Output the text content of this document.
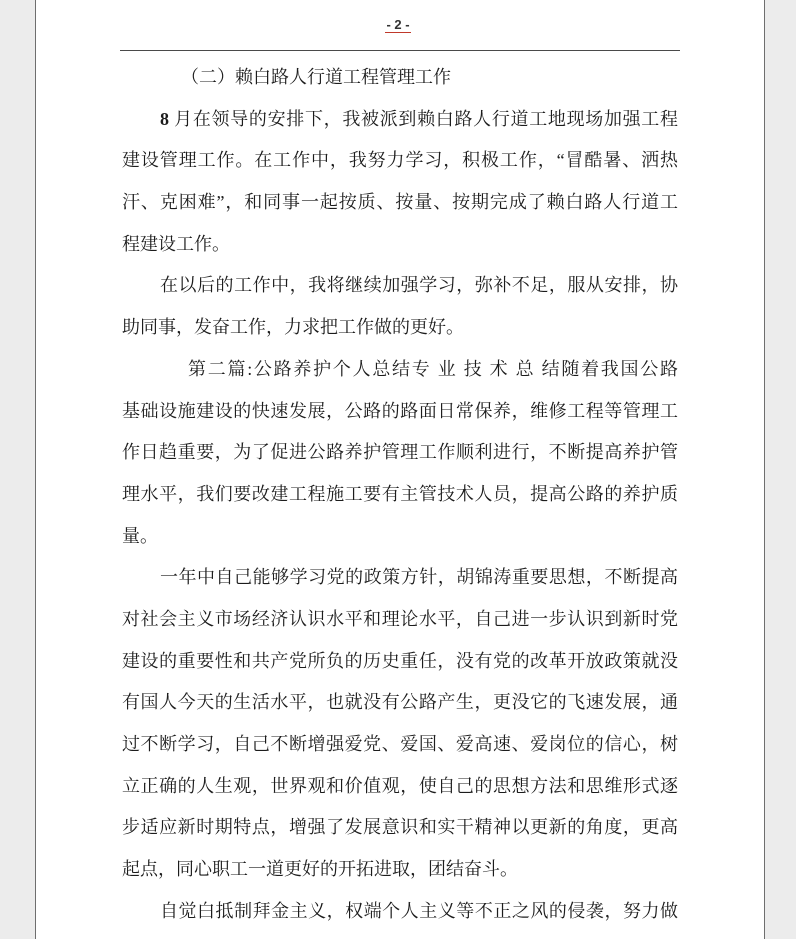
- 2 -
（二）赖白路人行道工程管理工作
8 月在领导的安排下，我被派到赖白路人行道工地现场加强工程
建设管理工作。在工作中，我努力学习，积极工作，“冒酷暑、洒热
汗、克困难”，和同事一起按质、按量、按期完成了赖白路人行道工
程建设工作。
在以后的工作中，我将继续加强学习，弥补不足，服从安排，协
助同事，发奋工作，力求把工作做的更好。
第二篇:公路养护个人总结专 业 技 术 总 结随着我国公路
基础设施建设的快速发展，公路的路面日常保养，维修工程等管理工
作日趋重要，为了促进公路养护管理工作顺利进行，不断提高养护管
理水平，我们要改建工程施工要有主管技术人员，提高公路的养护质
量。
一年中自己能够学习党的政策方针，胡锦涛重要思想，不断提高
对社会主义市场经济认识水平和理论水平，自己进一步认识到新时党
建设的重要性和共产党所负的历史重任，没有党的改革开放政策就没
有国人今天的生活水平，也就没有公路产生，更没它的飞速发展，通
过不断学习，自己不断增强爱党、爱国、爱高速、爱岗位的信心，树
立正确的人生观，世界观和价值观，使自己的思想方法和思维形式逐
步适应新时期特点，增强了发展意识和实干精神以更新的角度，更高
起点，同心职工一道更好的开拓进取，团结奋斗。
自觉白抵制拜金主义，权端个人主义等不正之风的侵袭，努力做
